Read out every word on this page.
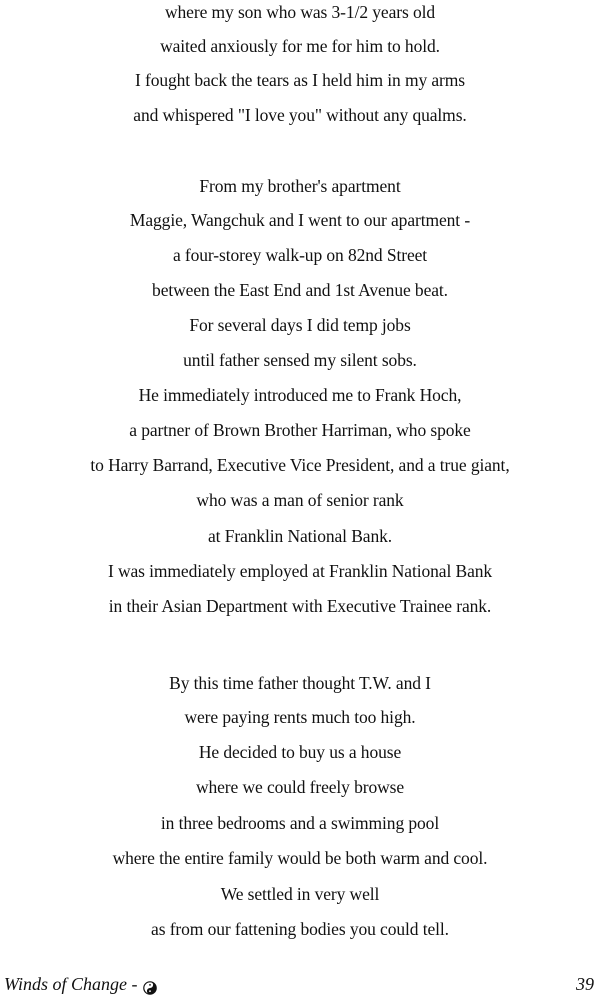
where my son who was 3-1/2 years old
waited anxiously for me for him to hold.
I fought back the tears as I held him in my arms
and whispered "I love you" without any qualms.
From my brother's apartment
Maggie, Wangchuk and I went to our apartment -
a four-storey walk-up on 82nd Street
between the East End and 1st Avenue beat.
For several days I did temp jobs
until father sensed my silent sobs.
He immediately introduced me to Frank Hoch,
a partner of Brown Brother Harriman, who spoke
to Harry Barrand, Executive Vice President, and a true giant,
who was a man of senior rank
at Franklin National Bank.
I was immediately employed at Franklin National Bank
in their Asian Department with Executive Trainee rank.
By this time father thought T.W. and I
were paying rents much too high.
He decided to buy us a house
where we could freely browse
in three bedrooms and a swimming pool
where the entire family would be both warm and cool.
We settled in very well
as from our fattening bodies you could tell.
Winds of Change -	39
